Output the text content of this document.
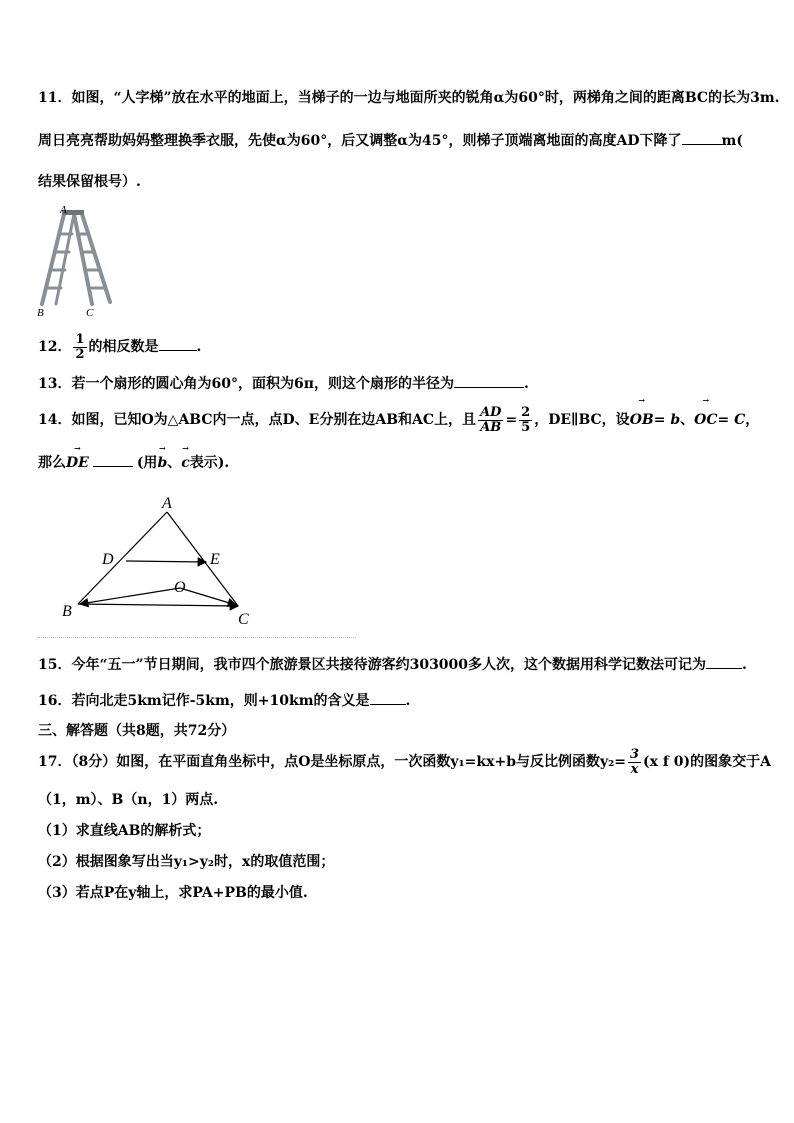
11．如图，“人字梯”放在水平的地面上，当梯子的一边与地面所夹的锐角α为60°时，两梯角之间的距离BC的长为3m.
周日亮亮帮助妈妈整理换季衣服，先使α为60°，后又调整α为45°，则梯子顶端离地面的高度AD下降了	m(
结果保留根号）.
A
B	C
12． $\frac{1}{2}$ 的相反数是	.
13．若一个扇形的圆心角为60°，面积为6π，则这个扇形的半径为	.
14．如图，已知O为△ABC内一点，点D、E分别在边AB和AC上，且 $\frac{AD}{AB} = \frac{2}{5}$ ，DE∥BC，设
→
OB= b、
→
OC= C，
那么
→
DE	(用
→
b、
→
c表示).
A
D	E
O
B	C
15．今年“五一”节日期间，我市四个旅游景区共接待游客约303000多人次，这个数据用科学记数法可记为	.
16．若向北走5km记作-5km，则+10km的含义是	.
三、解答题（共8题，共72分）
17．（8分）如图，在平面直角坐标中，点O是坐标原点，一次函数y₁=kx+b与反比例函数$y_2= \frac{3}{x} (x$ f 0)的图象交于A
（1，m）、B（n，1）两点.
（1）求直线AB的解析式；
（2）根据图象写出当y₁>y₂时，x的取值范围；
（3）若点P在y轴上，求PA+PB的最小值.
